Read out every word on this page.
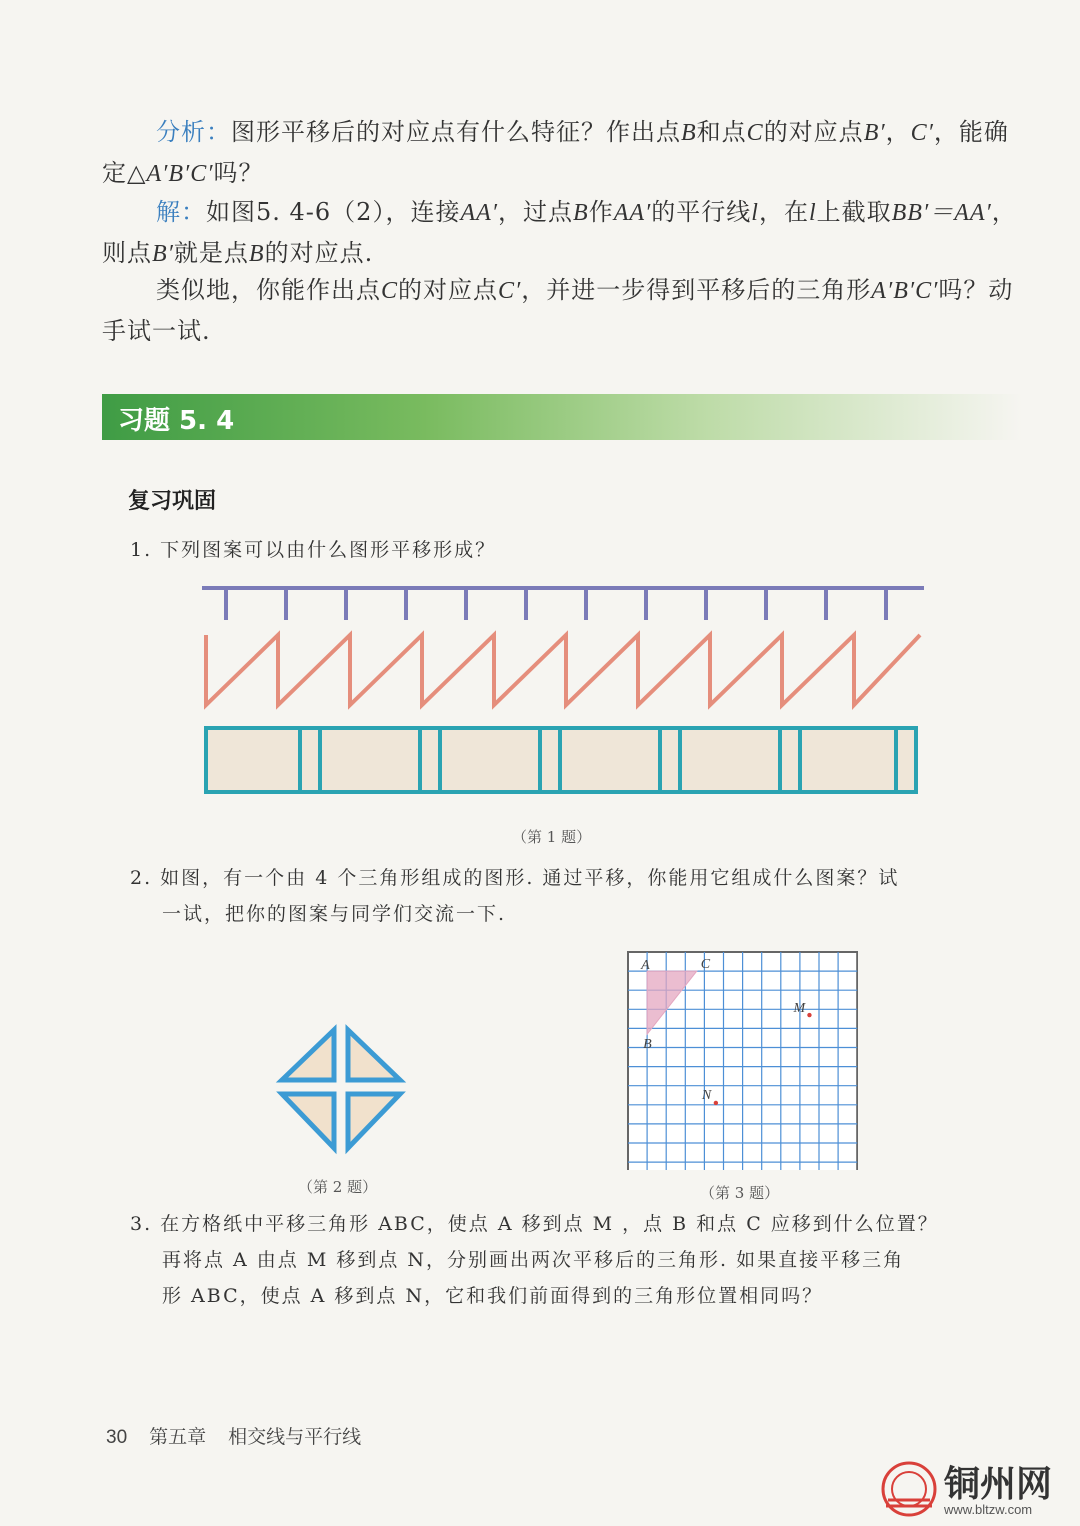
分析：图形平移后的对应点有什么特征？作出点B和点C的对应点B′，C′，能确定△A′B′C′吗？

解：如图5. 4-6（2），连接AA′，过点B作AA′的平行线l，在l上截取BB′＝AA′，则点B′就是点B的对应点.

类似地，你能作出点C的对应点C′，并进一步得到平移后的三角形A′B′C′吗？动手试一试.

习题 5. 4
复习巩固

1. 下列图案可以由什么图形平移形成？

（第 1 题）

2. 如图，有一个由 4 个三角形组成的图形. 通过平移，你能用它组成什么图案？试
一试，把你的图案与同学们交流一下.

（第 2 题）
A	C
B
M
N
（第 3 题）

3. 在方格纸中平移三角形 ABC，使点 A 移到点 M ，点 B 和点 C 应移到什么位置？
再将点 A 由点 M 移到点 N，分别画出两次平移后的三角形. 如果直接平移三角
形 ABC，使点 A 移到点 N，它和我们前面得到的三角形位置相同吗？

30 第五章 相交线与平行线
铜州网
www.bltzw.com
